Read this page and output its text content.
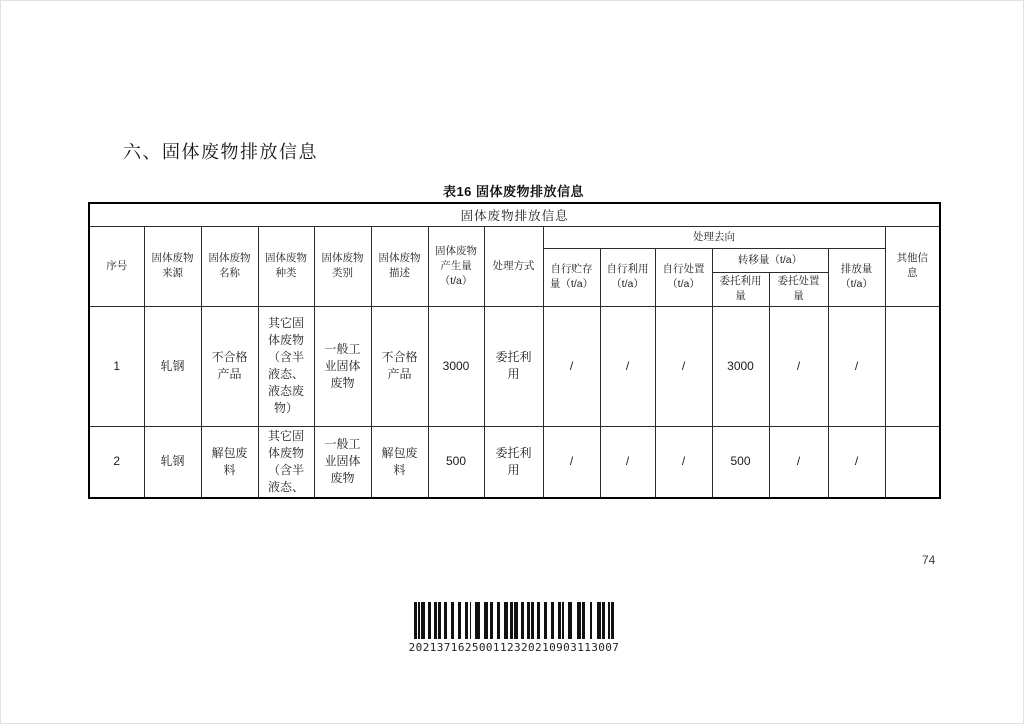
六、固体废物排放信息
表16 固体废物排放信息
固体废物排放信息														
序号	固体废物来源	固体废物名称	固体废物种类	固体废物类别	固体废物描述	固体废物产生量（t/a）	处理方式	处理去向						其他信息
								自行贮存量（t/a）	自行利用（t/a）	自行处置（t/a）	转移量（t/a）		排放量（t/a）	
											委托利用量	委托处置量		
1	轧钢	不合格产品	其它固体废物（含半液态、液态废物）	一般工业固体废物	不合格产品	3000	委托利用	/	/	/	3000	/	/	
2	轧钢	解包废料	其它固体废物（含半液态、	一般工业固体废物	解包废料	500	委托利用	/	/	/	500	/	/	
74
202137162500112320210903113007
